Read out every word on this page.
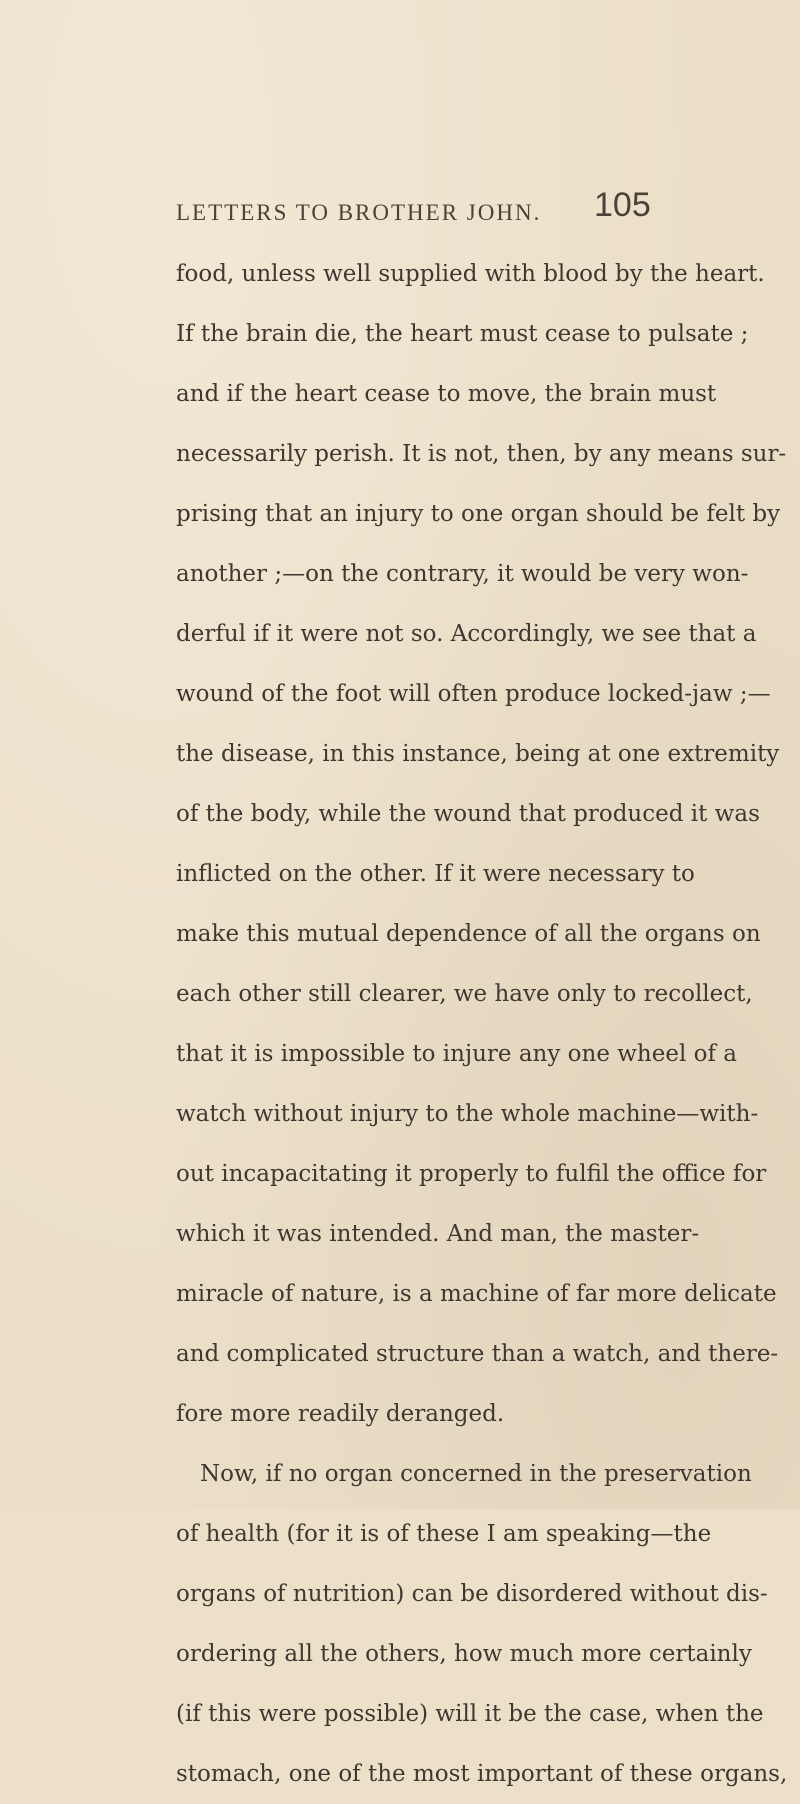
LETTERS TO BROTHER JOHN.	105
food, unless well supplied with blood by the heart.
If the brain die, the heart must cease to pulsate ;
and if the heart cease to move, the brain must
necessarily perish. It is not, then, by any means sur-
prising that an injury to one organ should be felt by
another ;—on the contrary, it would be very won-
derful if it were not so. Accordingly, we see that a
wound of the foot will often produce locked-jaw ;—
the disease, in this instance, being at one extremity
of the body, while the wound that produced it was
inflicted on the other. If it were necessary to
make this mutual dependence of all the organs on
each other still clearer, we have only to recollect,
that it is impossible to injure any one wheel of a
watch without injury to the whole machine—with-
out incapacitating it properly to fulfil the office for
which it was intended. And man, the master-
miracle of nature, is a machine of far more delicate
and complicated structure than a watch, and there-
fore more readily deranged.
Now, if no organ concerned in the preservation
of health (for it is of these I am speaking—the
organs of nutrition) can be disordered without dis-
ordering all the others, how much more certainly
(if this were possible) will it be the case, when the
stomach, one of the most important of these organs,
